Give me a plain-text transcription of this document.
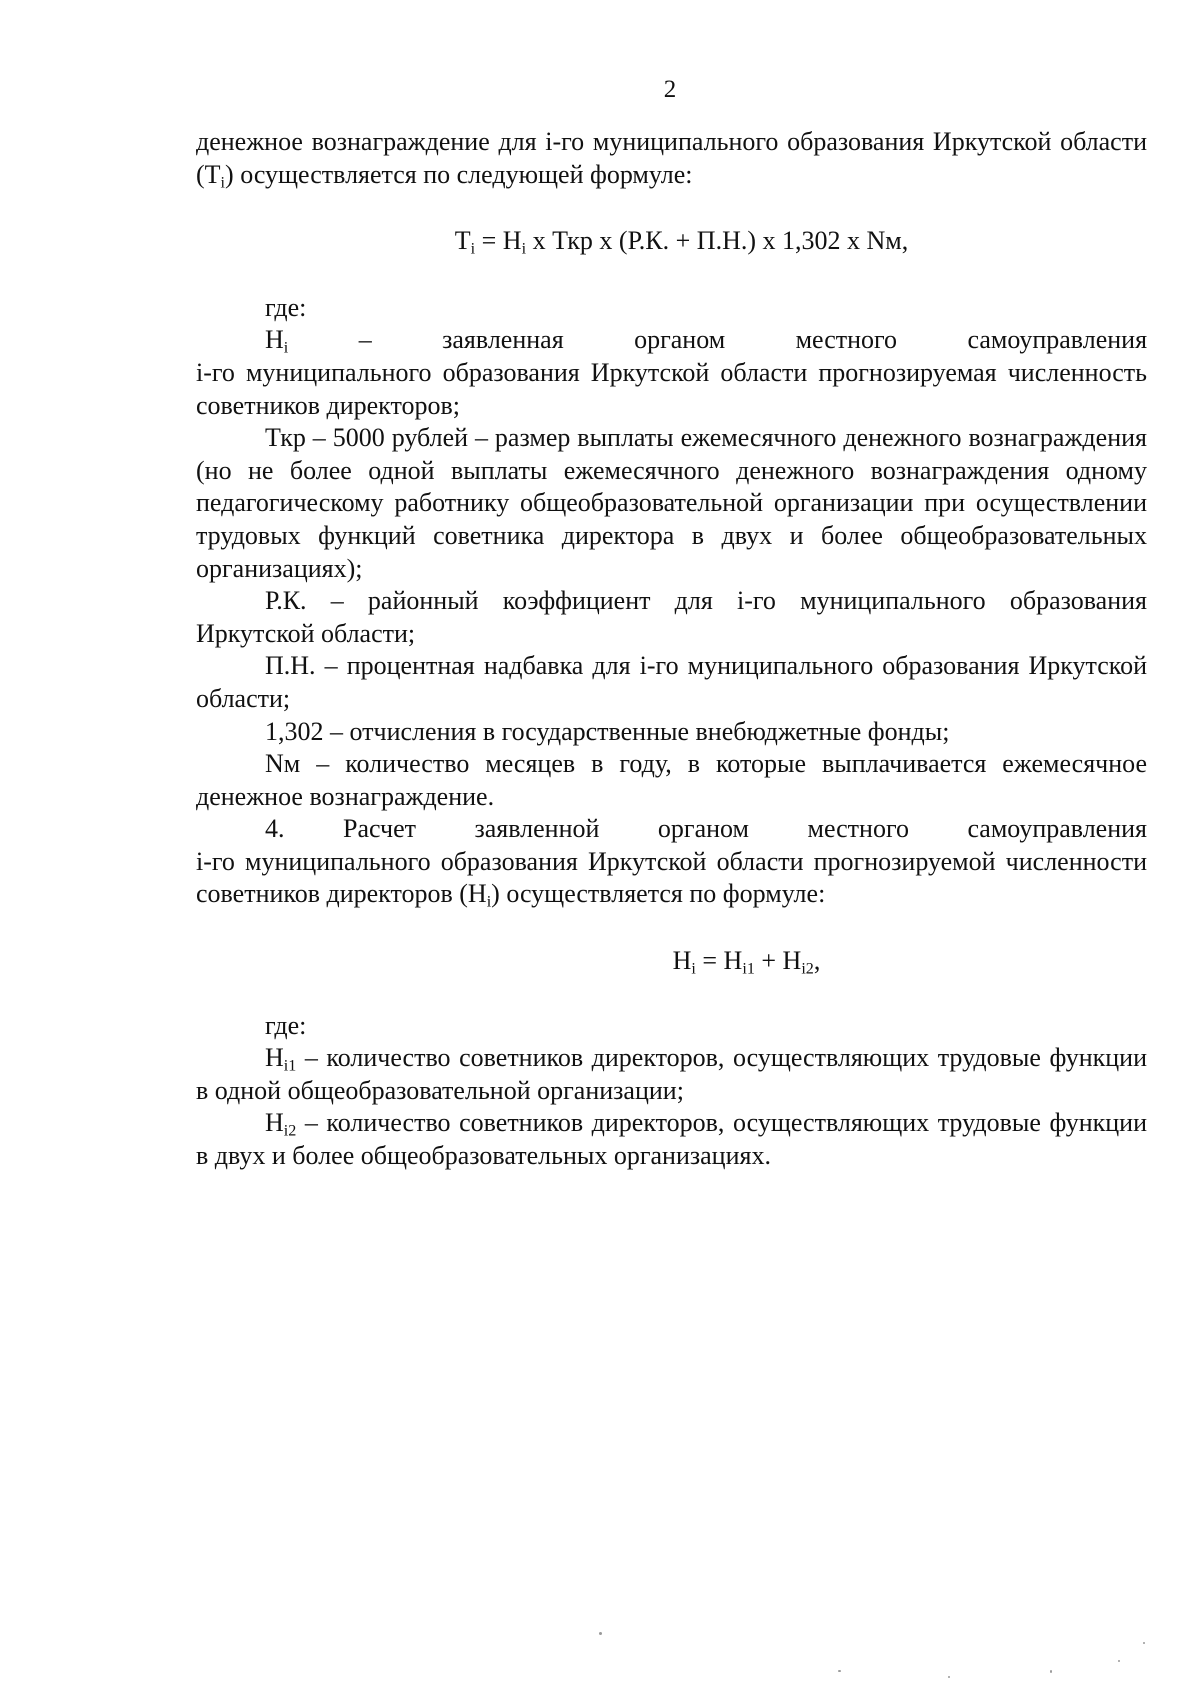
2

денежное вознаграждение для i-го муниципального образования Иркутской области $(T_i)$ осуществляется по следующей формуле:

$T_i = Н_i$ x Ткр x (Р.К. + П.Н.) x 1,302 x Nм,

где:

$Н_i$	–	заявленная	органом	местного	самоуправления

i-го муниципального образования Иркутской области прогнозируемая численность советников директоров;

Ткр – 5000 рублей – размер выплаты ежемесячного денежного вознаграждения (но не более одной выплаты ежемесячного денежного вознаграждения одному педагогическому работнику общеобразовательной организации при осуществлении трудовых функций советника директора в двух и более общеобразовательных организациях);

Р.К. – районный коэффициент для i-го муниципального образования Иркутской области;

П.Н. – процентная надбавка для i-го муниципального образования Иркутской области;

1,302 – отчисления в государственные внебюджетные фонды;

Nм – количество месяцев в году, в которые выплачивается ежемесячное денежное вознаграждение.

4. Расчет заявленной органом местного самоуправления

i-го муниципального образования Иркутской области прогнозируемой численности советников директоров $(Н_i)$ осуществляется по формуле:

$Н_i = Н_{i1} + Н_{i2}$,

где:

$Н_{i1}$ – количество советников директоров, осуществляющих трудовые функции в одной общеобразовательной организации;

$Н_{i2}$ – количество советников директоров, осуществляющих трудовые функции в двух и более общеобразовательных организациях.
